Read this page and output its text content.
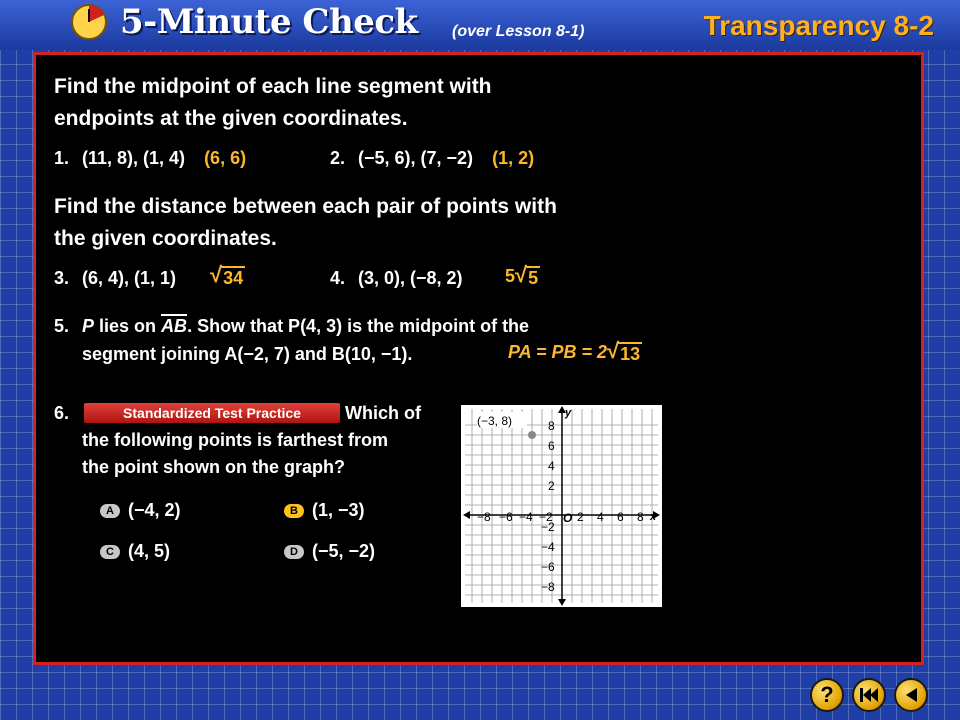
5-Minute Check (over Lesson 8-1)	Transparency 8-2
Find the midpoint of each line segment with
endpoints at the given coordinates.
1. (11, 8), (1, 4) (6, 6)	2. (−5, 6), (7, −2) (1, 2)
Find the distance between each pair of points with
the given coordinates.
3. (6, 4), (1, 1) √ 34	4. (3, 0), (−8, 2) 5 √ 5
5. P lies on AB. Show that P(4, 3) is the midpoint of the
segment joining A(−2, 7) and B(10, −1).	PA = PB = 2 √ 13
6.	Standardized Test Practice	Which of
the following points is farthest from
the point shown on the graph?
A (−4, 2)	B (1, −3)
C (4, 5)	D (−5, −2)
y
x
O
−8 −6 −4 −2 2 4 6 8
8
6
4
2
−2
−4
−6
−8
(−3, 8)
?
